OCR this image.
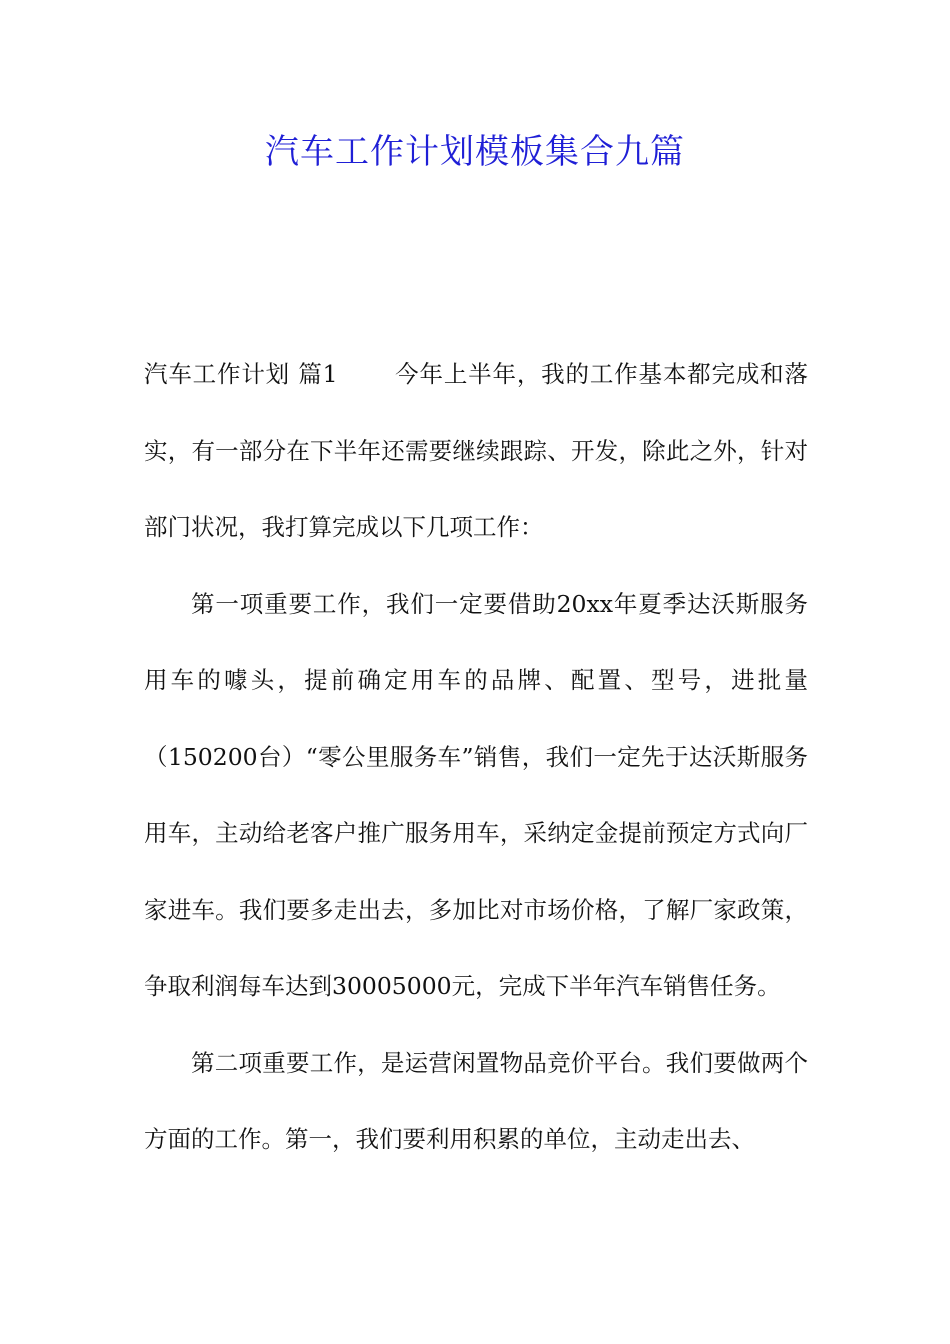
汽车工作计划模板集合九篇

汽车工作计划 篇1　　 今年上半年，我的工作基本都完成和落实，有一部分在下半年还需要继续跟踪、开发，除此之外，针对部门状况，我打算完成以下几项工作：

第一项重要工作，我们一定要借助20xx年夏季达沃斯服务用车的噱头，提前确定用车的品牌、配置、型号，进批量（150200台）“零公里服务车”销售，我们一定先于达沃斯服务用车，主动给老客户推广服务用车，采纳定金提前预定方式向厂家进车。我们要多走出去，多加比对市场价格，了解厂家政策，争取利润每车达到30005000元，完成下半年汽车销售任务。

第二项重要工作，是运营闲置物品竞价平台。我们要做两个方面的工作。第一，我们要利用积累的单位，主动走出去、
